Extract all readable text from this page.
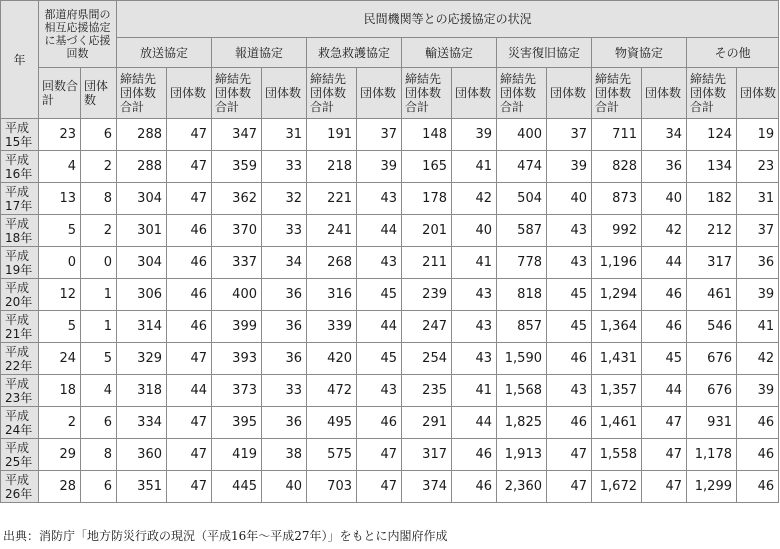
年	都道府県間の相互応援協定に基づく応援回数		民間機関等との応援協定の状況													
			放送協定		報道協定		救急救護協定		輸送協定		災害復旧協定		物資協定		その他	
	回数合計	団体数	締結先団体数合計	団体数	締結先団体数合計	団体数	締結先団体数合計	団体数	締結先団体数合計	団体数	締結先団体数合計	団体数	締結先団体数合計	団体数	締結先団体数合計	団体数

平成
15年	23	6	288	47	347	31	191	37	148	39	400	37	711	34	124	19

平成
16年	4	2	288	47	359	33	218	39	165	41	474	39	828	36	134	23

平成
17年	13	8	304	47	362	32	221	43	178	42	504	40	873	40	182	31

平成
18年	5	2	301	46	370	33	241	44	201	40	587	43	992	42	212	37

平成
19年	0	0	304	46	337	34	268	43	211	41	778	43	1,196	44	317	36

平成
20年	12	1	306	46	400	36	316	45	239	43	818	45	1,294	46	461	39

平成
21年	5	1	314	46	399	36	339	44	247	43	857	45	1,364	46	546	41

平成
22年	24	5	329	47	393	36	420	45	254	43	1,590	46	1,431	45	676	42

平成
23年	18	4	318	44	373	33	472	43	235	41	1,568	43	1,357	44	676	39

平成
24年	2	6	334	47	395	36	495	46	291	44	1,825	46	1,461	47	931	46

平成
25年	29	8	360	47	419	38	575	47	317	46	1,913	47	1,558	47	1,178	46

平成
26年	28	6	351	47	445	40	703	47	374	46	2,360	47	1,672	47	1,299	46
出典：消防庁「地方防災行政の現況（平成16年～平成27年）」をもとに内閣府作成
